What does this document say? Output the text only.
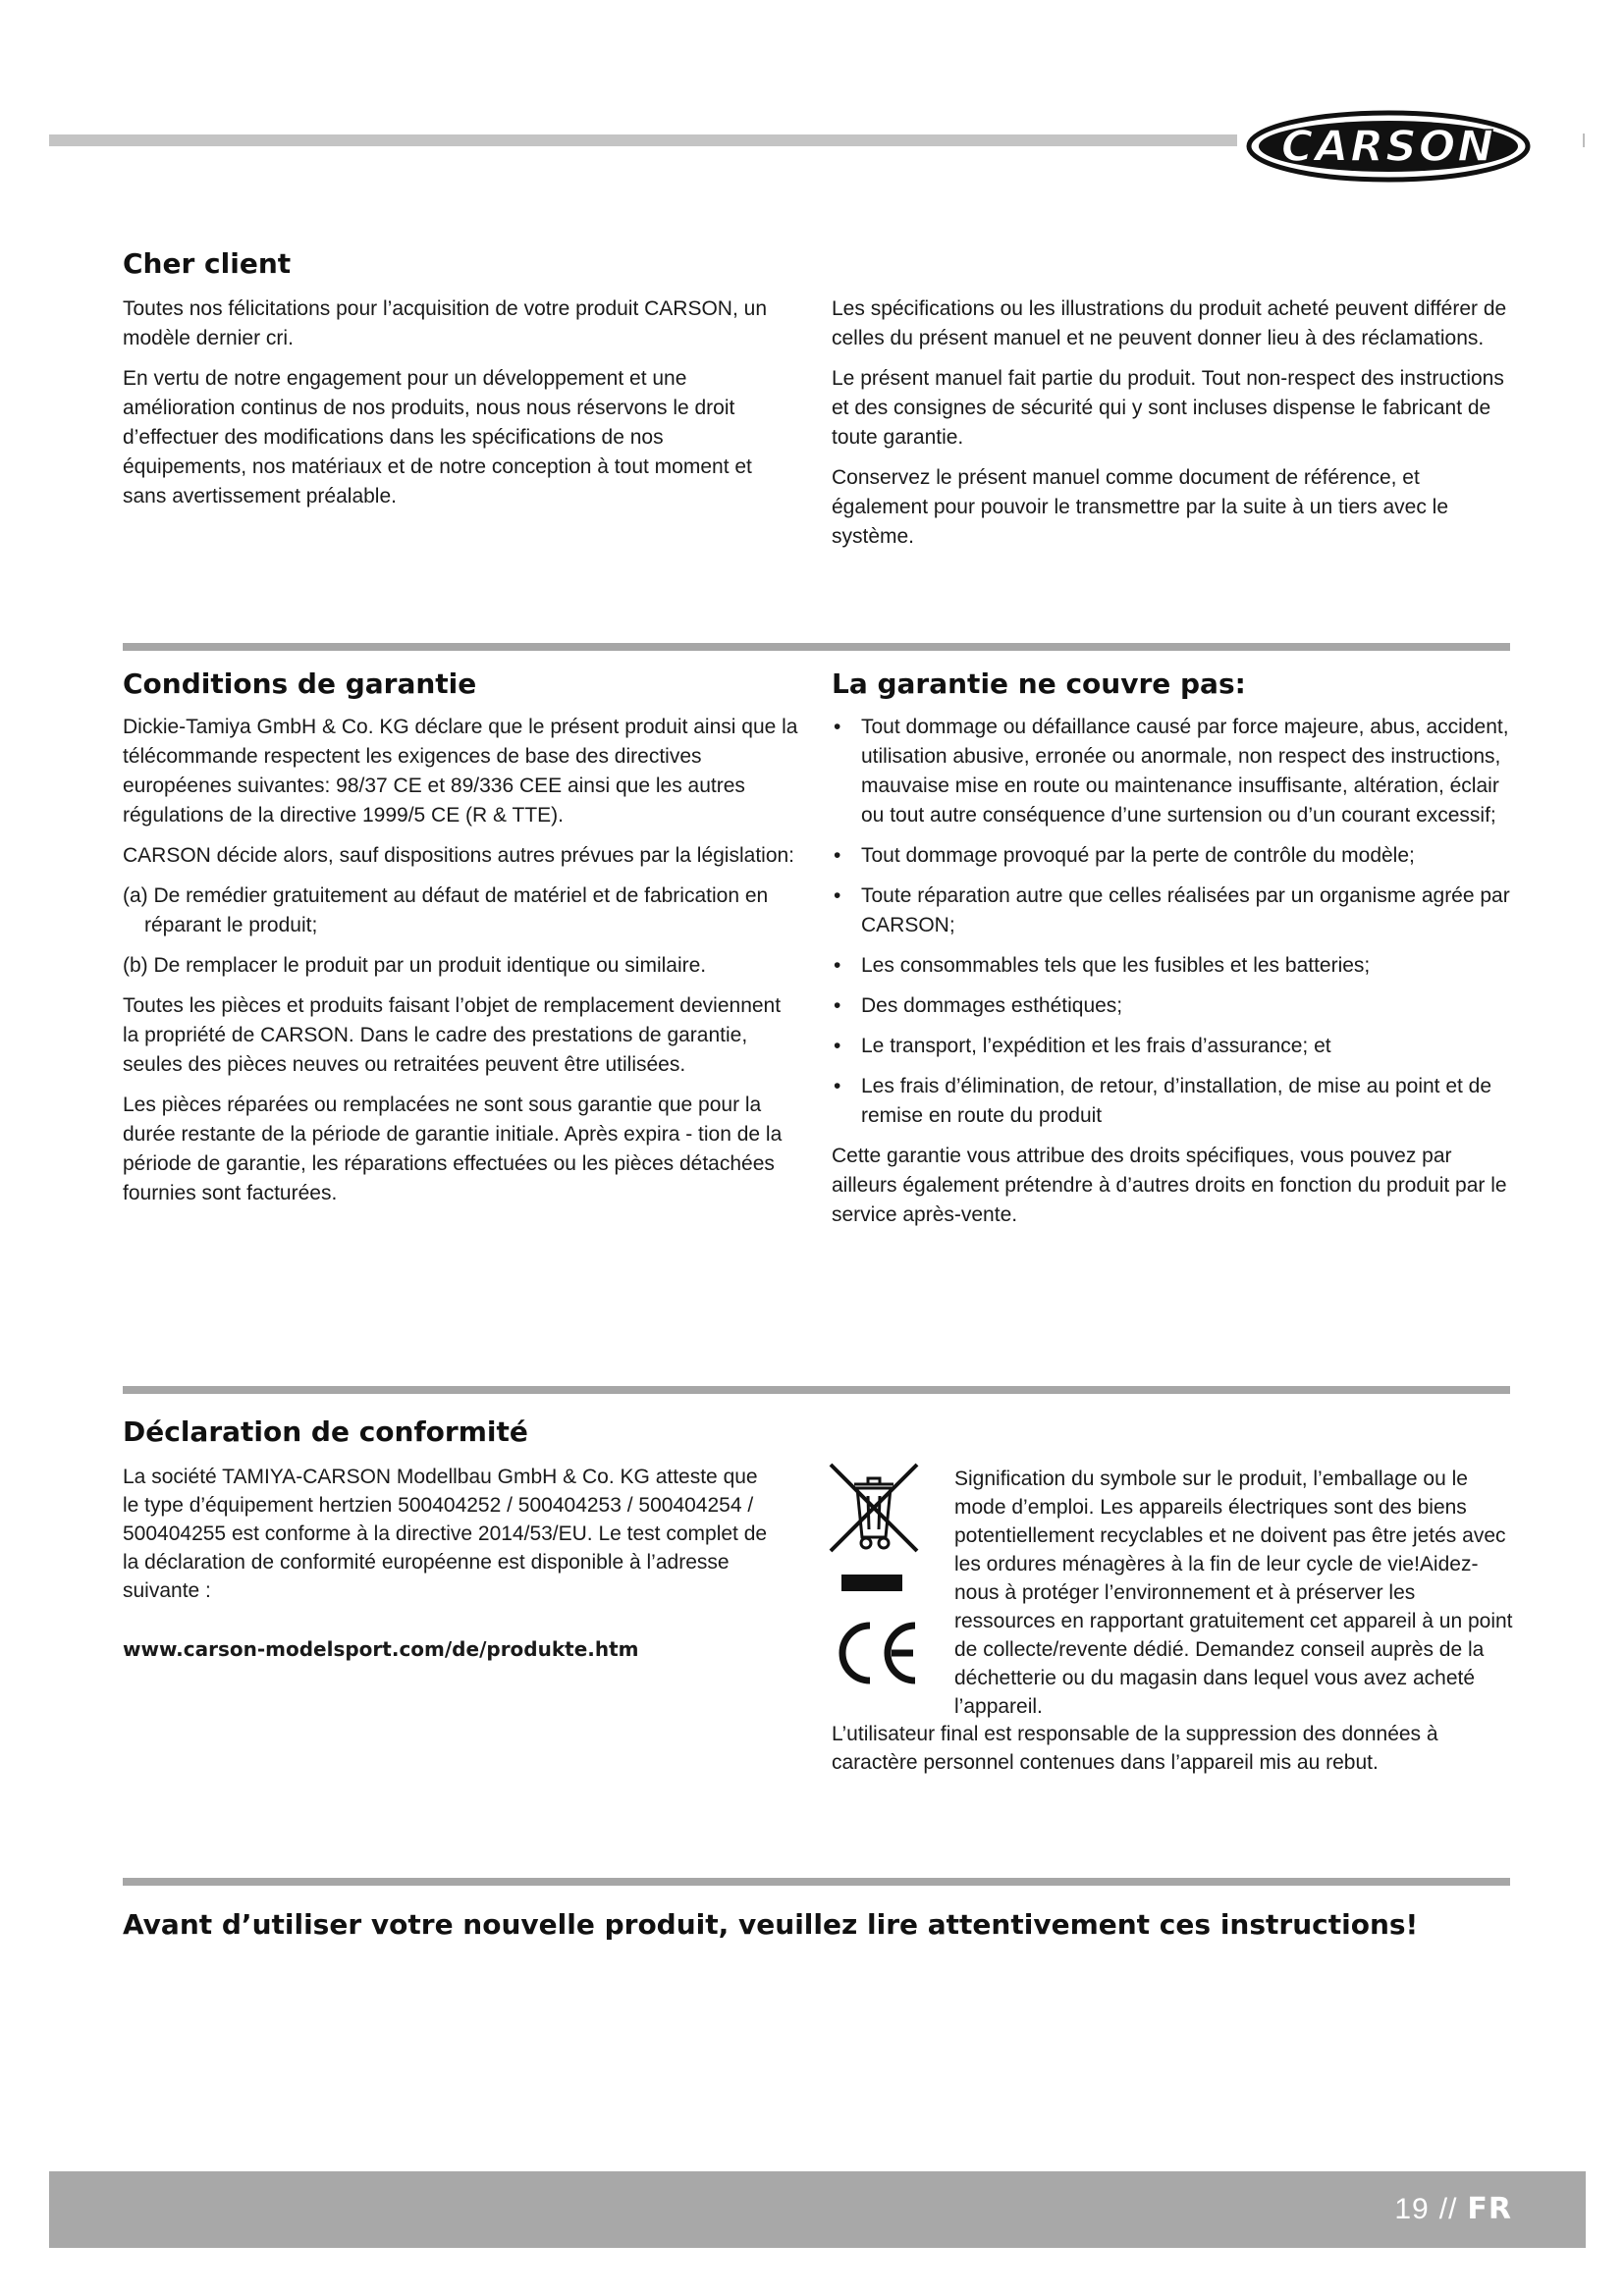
CARSON
Cher client

Toutes nos félicitations pour l’acquisition de votre produit CARSON, un modèle dernier cri.

En vertu de notre engagement pour un développement et une amélioration continus de nos produits, nous nous réservons le droit d’effectuer des modifications dans les spécifications de nos équipements, nos matériaux et de notre conception à tout moment et sans avertissement préalable.

Les spécifications ou les illustrations du produit acheté peuvent différer de celles du présent manuel et ne peuvent donner lieu à des réclamations.

Le présent manuel fait partie du produit. Tout non-respect des instructions et des consignes de sécurité qui y sont incluses dispense le fabricant de toute garantie.

Conservez le présent manuel comme document de référence, et également pour pouvoir le transmettre par la suite à un tiers avec le système.

Conditions de garantie

Dickie-Tamiya GmbH & Co. KG déclare que le présent produit ainsi que la télécommande respectent les exigences de base des directives européenes suivantes: 98/37 CE et 89/336 CEE ainsi que les autres régulations de la directive 1999/5 CE (R & TTE).

CARSON décide alors, sauf dispositions autres prévues par la législation:

(a) De remédier gratuitement au défaut de matériel et de fabrication en réparant le produit;

(b) De remplacer le produit par un produit identique ou similaire.

Toutes les pièces et produits faisant l’objet de remplacement deviennent la propriété de CARSON. Dans le cadre des prestations de garantie, seules des pièces neuves ou retraitées peuvent être utilisées.

Les pièces réparées ou remplacées ne sont sous garantie que pour la durée restante de la période de garantie initiale. Après expira - tion de la période de garantie, les réparations effectuées ou les pièces détachées fournies sont facturées.

La garantie ne couvre pas:
• Tout dommage ou défaillance causé par force majeure, abus, accident, utilisation abusive, erronée ou anormale, non respect des instructions, mauvaise mise en route ou maintenance insuffisante, altération, éclair ou tout autre conséquence d’une surtension ou d’un courant excessif;
• Tout dommage provoqué par la perte de contrôle du modèle;
• Toute réparation autre que celles réalisées par un organisme agrée par CARSON;
• Les consommables tels que les fusibles et les batteries;
• Des dommages esthétiques;
• Le transport, l’expédition et les frais d’assurance; et
• Les frais d’élimination, de retour, d’installation, de mise au point et de remise en route du produit

Cette garantie vous attribue des droits spécifiques, vous pouvez par ailleurs également prétendre à d’autres droits en fonction du produit par le service après-vente.

Déclaration de conformité

La société TAMIYA-CARSON Modellbau GmbH & Co. KG atteste que le type d’équipement hertzien 500404252 / 500404253 / 500404254 / 500404255 est conforme à la directive 2014/53/EU. Le test complet de la déclaration de conformité européenne est disponible à l’adresse suivante :

www.carson-modelsport.com/de/produkte.htm
Signification du symbole sur le produit, l’emballage ou le mode d’emploi. Les appareils électriques sont des biens potentiellement recyclables et ne doivent pas être jetés avec les ordures ménagères à la fin de leur cycle de vie!Aidez-nous à protéger l’environnement et à préserver les ressources en rapportant gratuitement cet appareil à un point de collecte/revente dédié. Demandez conseil auprès de la déchetterie ou du magasin dans lequel vous avez acheté l’appareil.
L’utilisateur final est responsable de la suppression des données à caractère personnel contenues dans l’appareil mis au rebut.
Avant d’utiliser votre nouvelle produit, veuillez lire attentivement ces instructions!
19 // FR
